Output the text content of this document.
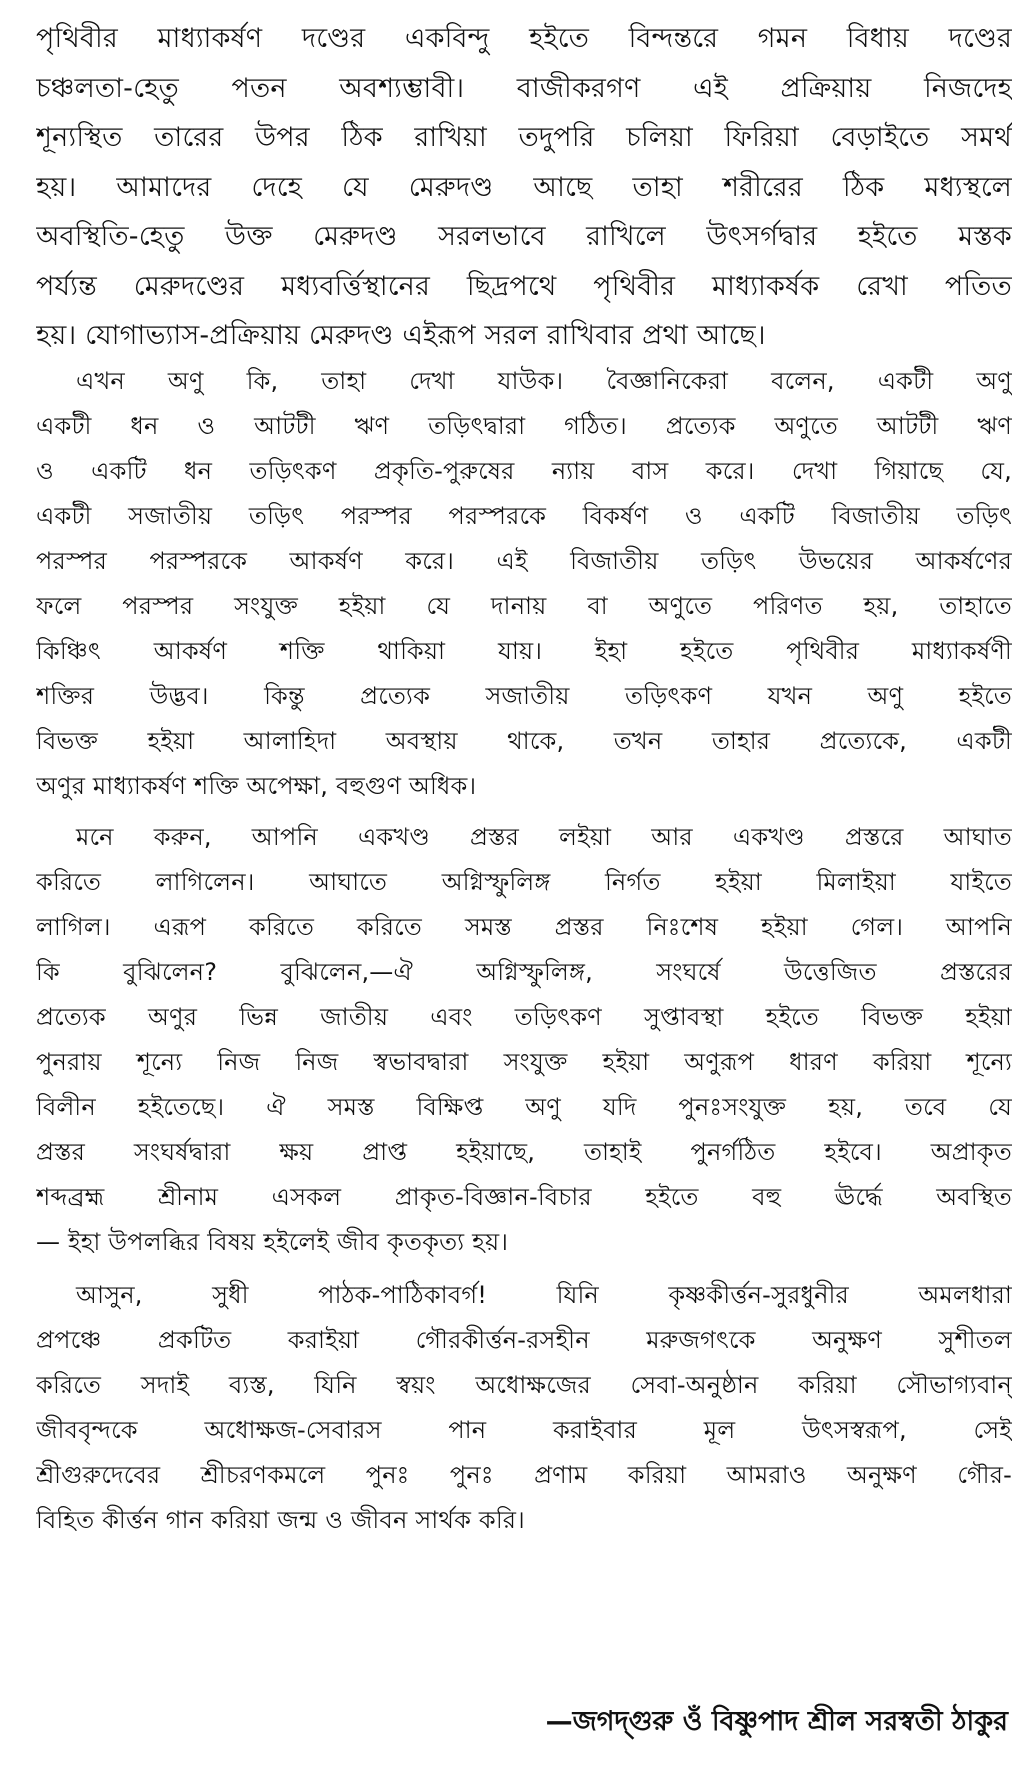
পৃথিবীর মাধ্যাকর্ষণ দণ্ডের একবিন্দু হইতে বিন্দন্তরে গমন বিধায় দণ্ডের
চঞ্চলতা-হেতু পতন অবশ্যম্ভাবী। বাজীকরগণ এই প্রক্রিয়ায় নিজদেহ
শূন্যস্থিত তারের উপর ঠিক রাখিয়া তদুপরি চলিয়া ফিরিয়া বেড়াইতে সমর্থ
হয়। আমাদের দেহে যে মেরুদণ্ড আছে তাহা শরীরের ঠিক মধ্যস্থলে
অবস্থিতি-হেতু উক্ত মেরুদণ্ড সরলভাবে রাখিলে উৎসর্গদ্বার হইতে মস্তক
পর্য্যন্ত মেরুদণ্ডের মধ্যবর্ত্তিস্থানের ছিদ্রপথে পৃথিবীর মাধ্যাকর্ষক রেখা পতিত
হয়। যোগাভ্যাস-প্রক্রিয়ায় মেরুদণ্ড এইরূপ সরল রাখিবার প্রথা আছে।
এখন অণু কি, তাহা দেখা যাউক। বৈজ্ঞানিকেরা বলেন, একটী অণু
একটী ধন ও আটটী ঋণ তড়িৎদ্বারা গঠিত। প্রত্যেক অণুতে আটটী ঋণ
ও একটি ধন তড়িৎকণ প্রকৃতি-পুরুষের ন্যায় বাস করে। দেখা গিয়াছে যে,
একটী সজাতীয় তড়িৎ পরস্পর পরস্পরকে বিকর্ষণ ও একটি বিজাতীয় তড়িৎ
পরস্পর পরস্পরকে আকর্ষণ করে। এই বিজাতীয় তড়িৎ উভয়ের আকর্ষণের
ফলে পরস্পর সংযুক্ত হইয়া যে দানায় বা অণুতে পরিণত হয়, তাহাতে
কিঞ্চিৎ আকর্ষণ শক্তি থাকিয়া যায়। ইহা হইতে পৃথিবীর মাধ্যাকর্ষণী
শক্তির উদ্ভব। কিন্তু প্রত্যেক সজাতীয় তড়িৎকণ যখন অণু হইতে
বিভক্ত হইয়া আলাহিদা অবস্থায় থাকে, তখন তাহার প্রত্যেকে, একটী
অণুর মাধ্যাকর্ষণ শক্তি অপেক্ষা, বহুগুণ অধিক।
মনে করুন, আপনি একখণ্ড প্রস্তর লইয়া আর একখণ্ড প্রস্তরে আঘাত
করিতে লাগিলেন। আঘাতে অগ্নিস্ফুলিঙ্গ নির্গত হইয়া মিলাইয়া যাইতে
লাগিল। এরূপ করিতে করিতে সমস্ত প্রস্তর নিঃশেষ হইয়া গেল। আপনি
কি বুঝিলেন? বুঝিলেন,—ঐ অগ্নিস্ফুলিঙ্গ, সংঘর্ষে উত্তেজিত প্রস্তরের
প্রত্যেক অণুর ভিন্ন জাতীয় এবং তড়িৎকণ সুপ্তাবস্থা হইতে বিভক্ত হইয়া
পুনরায় শূন্যে নিজ নিজ স্বভাবদ্বারা সংযুক্ত হইয়া অণুরূপ ধারণ করিয়া শূন্যে
বিলীন হইতেছে। ঐ সমস্ত বিক্ষিপ্ত অণু যদি পুনঃসংযুক্ত হয়, তবে যে
প্রস্তর সংঘর্ষদ্বারা ক্ষয় প্রাপ্ত হইয়াছে, তাহাই পুনর্গঠিত হইবে। অপ্রাকৃত
শব্দব্রহ্ম শ্রীনাম এসকল প্রাকৃত-বিজ্ঞান-বিচার হইতে বহু ঊর্দ্ধে অবস্থিত
— ইহা উপলব্ধির বিষয় হইলেই জীব কৃতকৃত্য হয়।
আসুন, সুধী পাঠক-পাঠিকাবর্গ! যিনি কৃষ্ণকীর্ত্তন-সুরধুনীর অমলধারা
প্রপঞ্চে প্রকটিত করাইয়া গৌরকীর্ত্তন-রসহীন মরুজগৎকে অনুক্ষণ সুশীতল
করিতে সদাই ব্যস্ত, যিনি স্বয়ং অধোক্ষজের সেবা-অনুষ্ঠান করিয়া সৌভাগ্যবান্
জীববৃন্দকে অধোক্ষজ-সেবারস পান করাইবার মূল উৎসস্বরূপ, সেই
শ্রীগুরুদেবের শ্রীচরণকমলে পুনঃ পুনঃ প্রণাম করিয়া আমরাও অনুক্ষণ গৌর-
বিহিত কীর্ত্তন গান করিয়া জন্ম ও জীবন সার্থক করি।
—জগদ্গুরু ওঁ বিষ্ণুপাদ শ্রীল সরস্বতী ঠাকুর
